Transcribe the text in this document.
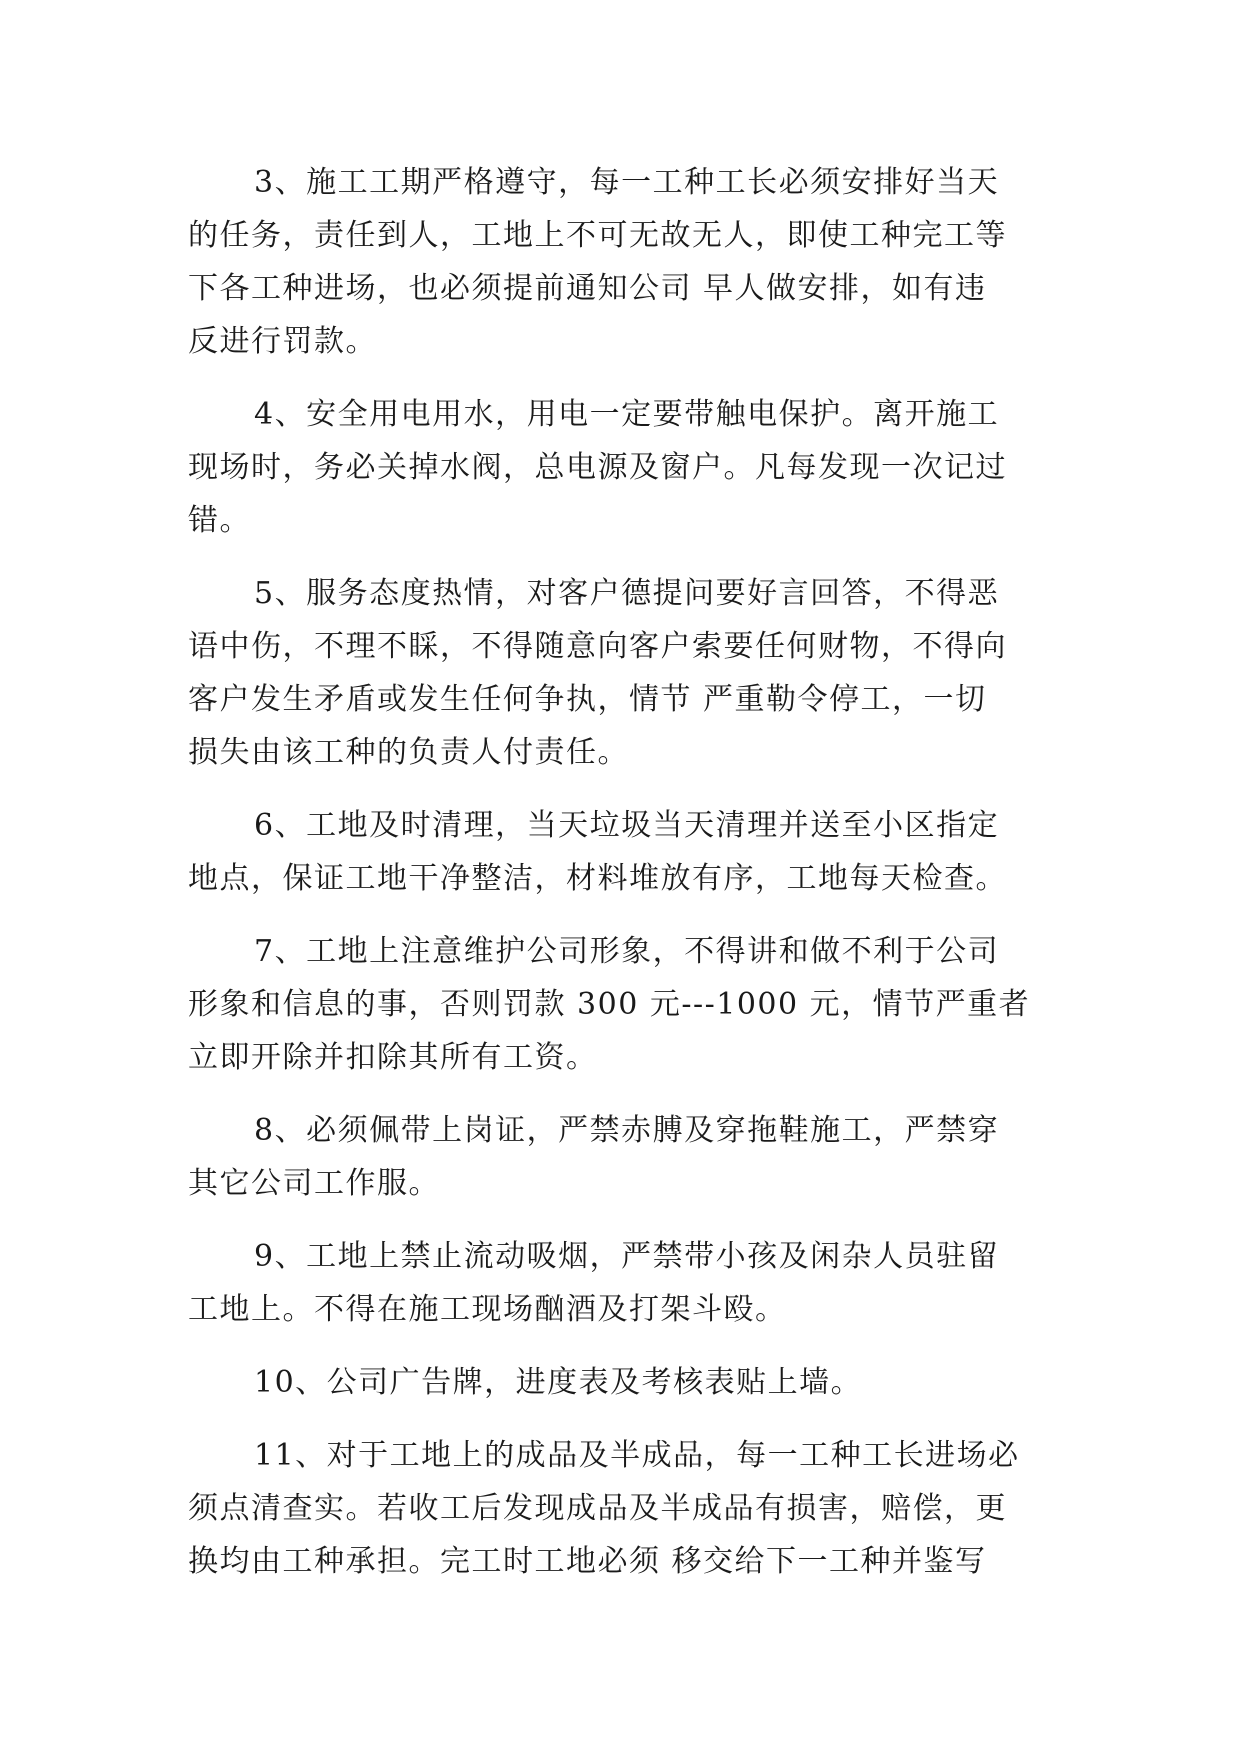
3、施工工期严格遵守，每一工种工长必须安排好当天
的任务，责任到人，工地上不可无故无人，即使工种完工等
下各工种进场，也必须提前通知公司 早人做安排，如有违
反进行罚款。
4、安全用电用水，用电一定要带触电保护。离开施工
现场时，务必关掉水阀，总电源及窗户。凡每发现一次记过
错。
5、服务态度热情，对客户德提问要好言回答，不得恶
语中伤，不理不睬，不得随意向客户索要任何财物，不得向
客户发生矛盾或发生任何争执，情节 严重勒令停工，一切
损失由该工种的负责人付责任。
6、工地及时清理，当天垃圾当天清理并送至小区指定
地点，保证工地干净整洁，材料堆放有序，工地每天检查。
7、工地上注意维护公司形象，不得讲和做不利于公司
形象和信息的事，否则罚款 300 元---1000 元，情节严重者
立即开除并扣除其所有工资。
8、必须佩带上岗证，严禁赤膊及穿拖鞋施工，严禁穿
其它公司工作服。
9、工地上禁止流动吸烟，严禁带小孩及闲杂人员驻留
工地上。不得在施工现场酗酒及打架斗殴。
10、公司广告牌，进度表及考核表贴上墙。
11、对于工地上的成品及半成品，每一工种工长进场必
须点清查实。若收工后发现成品及半成品有损害，赔偿，更
换均由工种承担。完工时工地必须 移交给下一工种并鉴写
